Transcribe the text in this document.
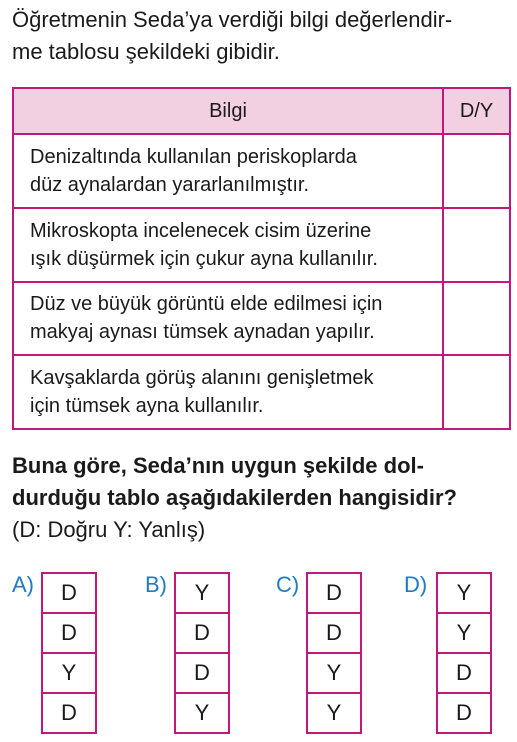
Öğretmenin Seda’ya verdiği bilgi değerlendir-
me tablosu şekildeki gibidir.
Bilgi	D/Y

Denizaltında kullanılan periskoplarda
düz aynalardan yararlanılmıştır.	

Mikroskopta incelenecek cisim üzerine
ışık düşürmek için çukur ayna kullanılır.	

Düz ve büyük görüntü elde edilmesi için
makyaj aynası tümsek aynadan yapılır.	

Kavşaklarda görüş alanını genişletmek
için tümsek ayna kullanılır.	

Buna göre, Seda’nın uygun şekilde dol-
durduğu tablo aşağıdakilerden hangisidir?
(D: Doğru Y: Yanlış)
A)	D
D
Y
D
B)	Y
D
D
Y
C)	D
D
Y
Y
D)	Y
Y
D
D
